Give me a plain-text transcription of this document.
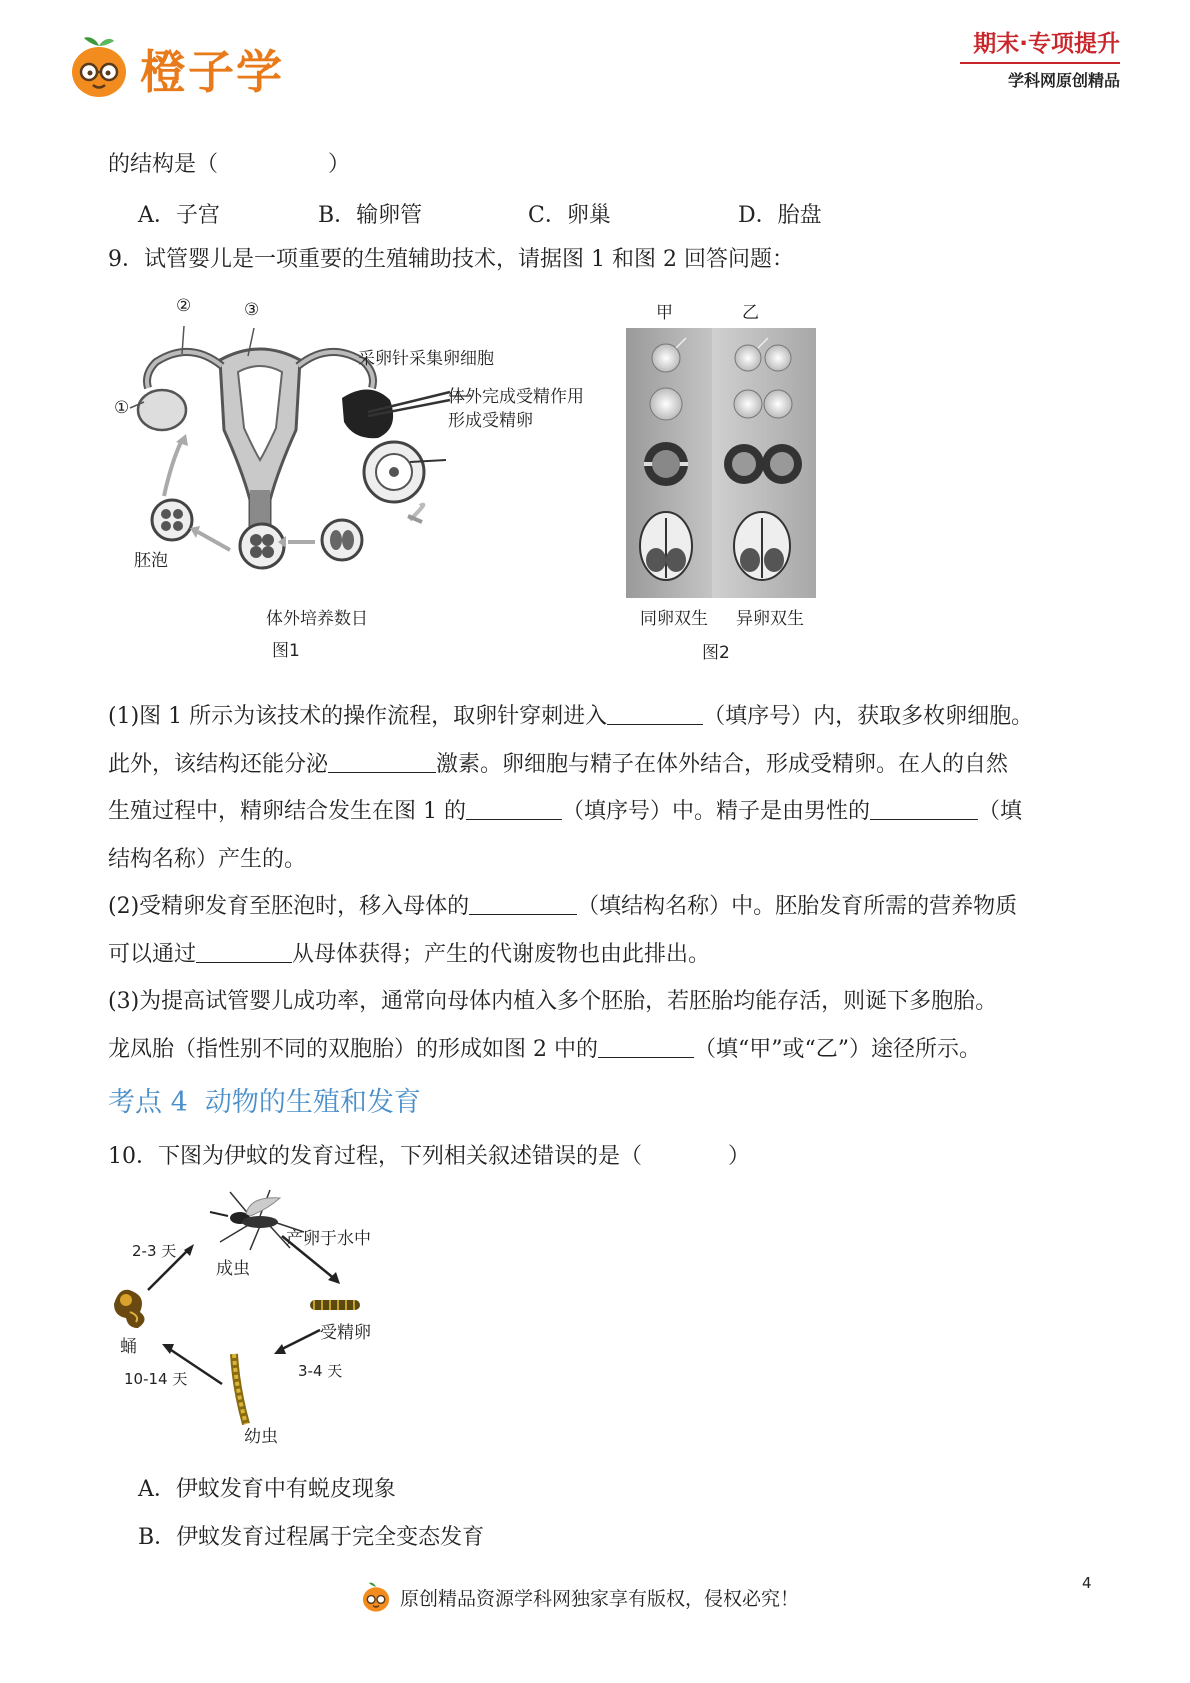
橙子学
期末·专项提升
学科网原创精品
的结构是（	）
A．子宫	B．输卵管	C．卵巢	D．胎盘
9．试管婴儿是一项重要的生殖辅助技术，请据图 1 和图 2 回答问题：
②	③
①
采卵针采集卵细胞
体外完成受精作用
形成受精卵
胚泡
体外培养数日
图1
甲	乙
同卵双生 异卵双生
图2
(1)图 1 所示为该技术的操作流程，取卵针穿刺进入	（填序号）内，获取多枚卵细胞。
此外，该结构还能分泌	激素。卵细胞与精子在体外结合，形成受精卵。在人的自然
生殖过程中，精卵结合发生在图 1 的	（填序号）中。精子是由男性的	（填
结构名称）产生的。
(2)受精卵发育至胚泡时，移入母体的	（填结构名称）中。胚胎发育所需的营养物质
可以通过	从母体获得；产生的代谢废物也由此排出。
(3)为提高试管婴儿成功率，通常向母体内植入多个胚胎，若胚胎均能存活，则诞下多胞胎。
龙凤胎（指性别不同的双胞胎）的形成如图 2 中的	（填“甲”或“乙”）途径所示。
考点 4  动物的生殖和发育
10．下图为伊蚊的发育过程，下列相关叙述错误的是（	）
成虫
产卵于水中
受精卵
幼虫
蛹
2-3 天
3-4 天
10-14 天
A．伊蚊发育中有蜕皮现象
B．伊蚊发育过程属于完全变态发育
原创精品资源学科网独家享有版权，侵权必究！
4
